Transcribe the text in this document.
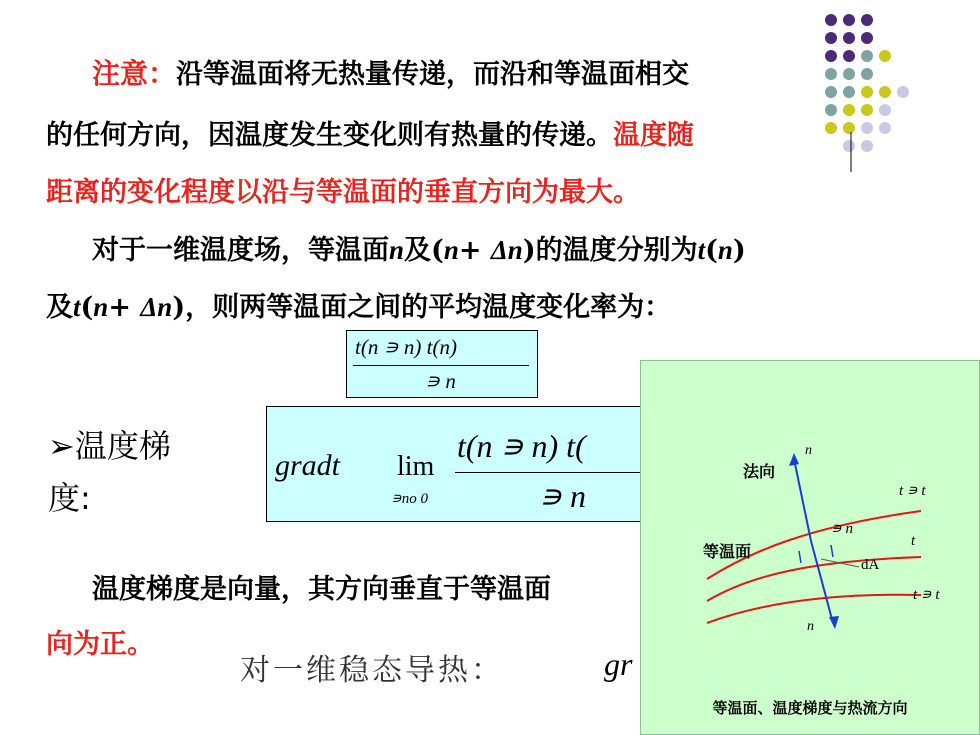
注意：沿等温面将无热量传递，而沿和等温面相交
的任何方向，因温度发生变化则有热量的传递。温度随
距离的变化程度以沿与等温面的垂直方向为最大。
对于一维温度场，等温面n及(n+ Δn)的温度分别为t(n)
及t(n+ Δn)，则两等温面之间的平均温度变化率为：
t(n ∍ n) t(n)
∍ n
➢温度梯
度:
gradt lim
∍no 0
t(n ∍ n) t(
∍ n
温度梯度是向量，其方向垂直于等温面
向为正。
对一维稳态导热：	gr
法向
等温面
n
n
t ∍ t
t
t ∍ t
∍ n
dA
等温面、温度梯度与热流方向
